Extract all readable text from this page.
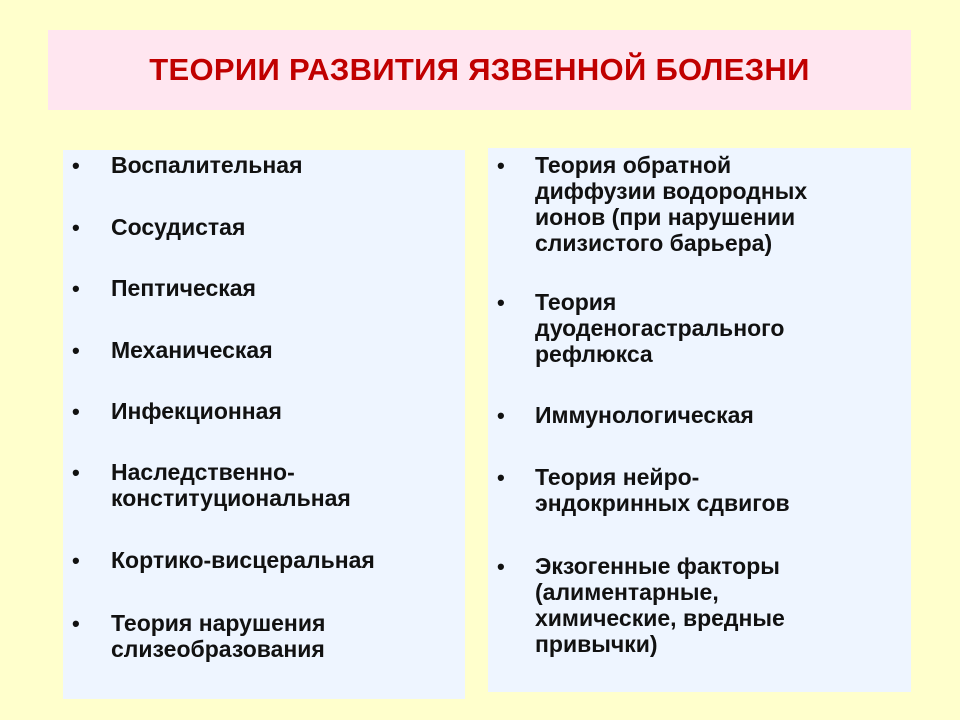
ТЕОРИИ РАЗВИТИЯ ЯЗВЕННОЙ БОЛЕЗНИ
• Воспалительная
• Сосудистая
• Пептическая
• Механическая
• Инфекционная
• Наследственно-
конституциональная
• Кортико-висцеральная
• Теория нарушения
слизеобразования
• Теория обратной
диффузии водородных
ионов (при нарушении
слизистого барьера)
• Теория
дуоденогастрального
рефлюкса
• Иммунологическая
• Теория нейро-
эндокринных сдвигов
• Экзогенные факторы
(алиментарные,
химические, вредные
привычки)
